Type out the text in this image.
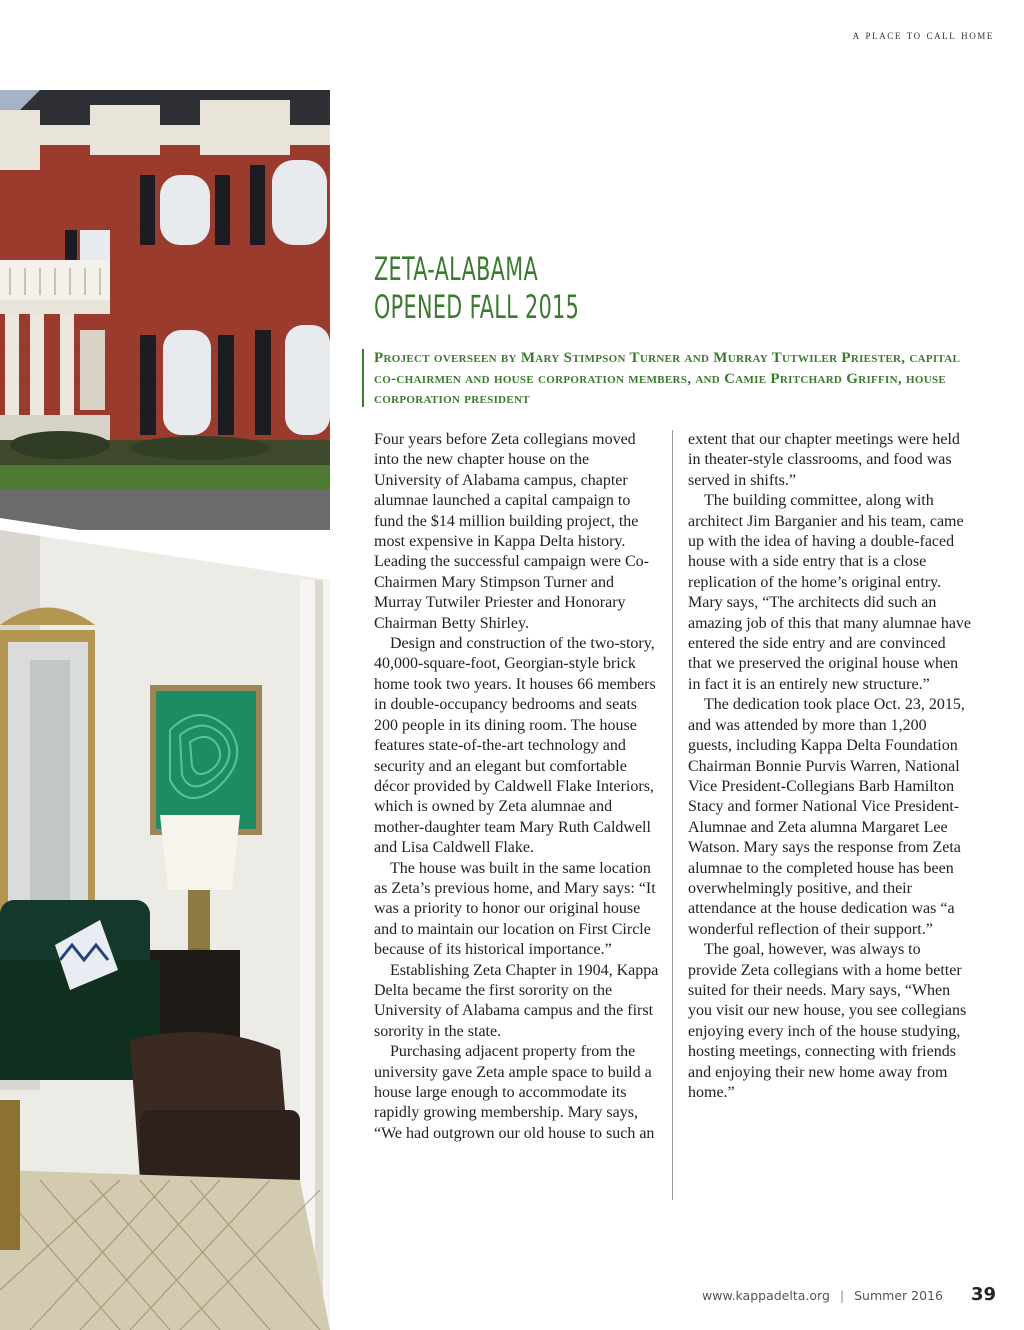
a place to call home
ZETA-ALABAMA
OPENED FALL 2015
Project overseen by Mary Stimpson Turner and Murray Tutwiler Priester, capital co-chairmen and house corporation members, and Camie Pritchard Griffin, house corporation president

Four years before Zeta collegians moved into the new chapter house on the University of Alabama campus, chapter alumnae launched a capital campaign to fund the $14 million building project, the most expensive in Kappa Delta history. Leading the successful campaign were Co-Chairmen Mary Stimpson Turner and Murray Tutwiler Priester and Honorary Chairman Betty Shirley.

Design and construction of the two-story, 40,000-square-foot, Georgian-style brick home took two years. It houses 66 members in double-occupancy bedrooms and seats 200 people in its dining room. The house features state-of-the-art technology and security and an elegant but comfortable décor provided by Caldwell Flake Interiors, which is owned by Zeta alumnae and mother-daughter team Mary Ruth Caldwell and Lisa Caldwell Flake.

The house was built in the same location as Zeta’s previous home, and Mary says: “It was a priority to honor our original house and to maintain our location on First Circle because of its historical importance.”

Establishing Zeta Chapter in 1904, Kappa Delta became the first sorority on the University of Alabama campus and the first sorority in the state.

Purchasing adjacent property from the university gave Zeta ample space to build a house large enough to accommodate its rapidly growing membership. Mary says, “We had outgrown our old house to such an

extent that our chapter meetings were held in theater-style classrooms, and food was served in shifts.”

The building committee, along with architect Jim Barganier and his team, came up with the idea of having a double-faced house with a side entry that is a close replication of the home’s original entry. Mary says, “The architects did such an amazing job of this that many alumnae have entered the side entry and are convinced that we preserved the original house when in fact it is an entirely new structure.”

The dedication took place Oct. 23, 2015, and was attended by more than 1,200 guests, including Kappa Delta Foundation Chairman Bonnie Purvis Warren, National Vice President-Collegians Barb Hamilton Stacy and former National Vice President-Alumnae and Zeta alumna Margaret Lee Watson. Mary says the response from Zeta alumnae to the completed house has been overwhelmingly positive, and their attendance at the house dedication was “a wonderful reflection of their support.”

The goal, however, was always to provide Zeta collegians with a home better suited for their needs. Mary says, “When you visit our new house, you see collegians enjoying every inch of the house studying, hosting meetings, connecting with friends and enjoying their new home away from home.”

www.kappadelta.org | Summer 2016 39
